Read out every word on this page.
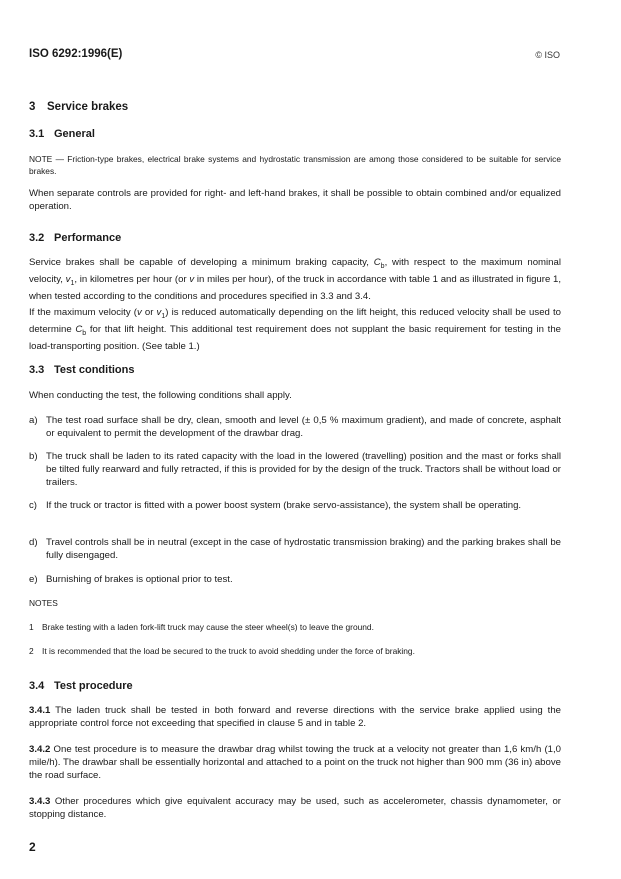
ISO 6292:1996(E)	© ISO
3 Service brakes
3.1 General
NOTE — Friction-type brakes, electrical brake systems and hydrostatic transmission are among those considered to be suitable for service brakes.
When separate controls are provided for right- and left-hand brakes, it shall be possible to obtain combined and/or equalized operation.
3.2 Performance
Service brakes shall be capable of developing a minimum braking capacity, $C_b$, with respect to the maximum nominal velocity, $v_1$, in kilometres per hour (or v in miles per hour), of the truck in accordance with table 1 and as illustrated in figure 1, when tested according to the conditions and procedures specified in 3.3 and 3.4.
If the maximum velocity (v or $v_1$) is reduced automatically depending on the lift height, this reduced velocity shall be used to determine $C_b$ for that lift height. This additional test requirement does not supplant the basic requirement for testing in the load-transporting position. (See table 1.)
3.3 Test conditions
When conducting the test, the following conditions shall apply.
a) The test road surface shall be dry, clean, smooth and level (± 0,5 % maximum gradient), and made of concrete, asphalt or equivalent to permit the development of the drawbar drag.
b) The truck shall be laden to its rated capacity with the load in the lowered (travelling) position and the mast or forks shall be tilted fully rearward and fully retracted, if this is provided for by the design of the truck. Tractors shall be without load or trailers.
c) If the truck or tractor is fitted with a power boost system (brake servo-assistance), the system shall be operating.
d) Travel controls shall be in neutral (except in the case of hydrostatic transmission braking) and the parking brakes shall be fully disengaged.
e) Burnishing of brakes is optional prior to test.
NOTES
1 Brake testing with a laden fork-lift truck may cause the steer wheel(s) to leave the ground.
2 It is recommended that the load be secured to the truck to avoid shedding under the force of braking.
3.4 Test procedure
3.4.1 The laden truck shall be tested in both forward and reverse directions with the service brake applied using the appropriate control force not exceeding that specified in clause 5 and in table 2.
3.4.2 One test procedure is to measure the drawbar drag whilst towing the truck at a velocity not greater than 1,6 km/h (1,0 mile/h). The drawbar shall be essentially horizontal and attached to a point on the truck not higher than 900 mm (36 in) above the road surface.
3.4.3 Other procedures which give equivalent accuracy may be used, such as accelerometer, chassis dynamometer, or stopping distance.
2
